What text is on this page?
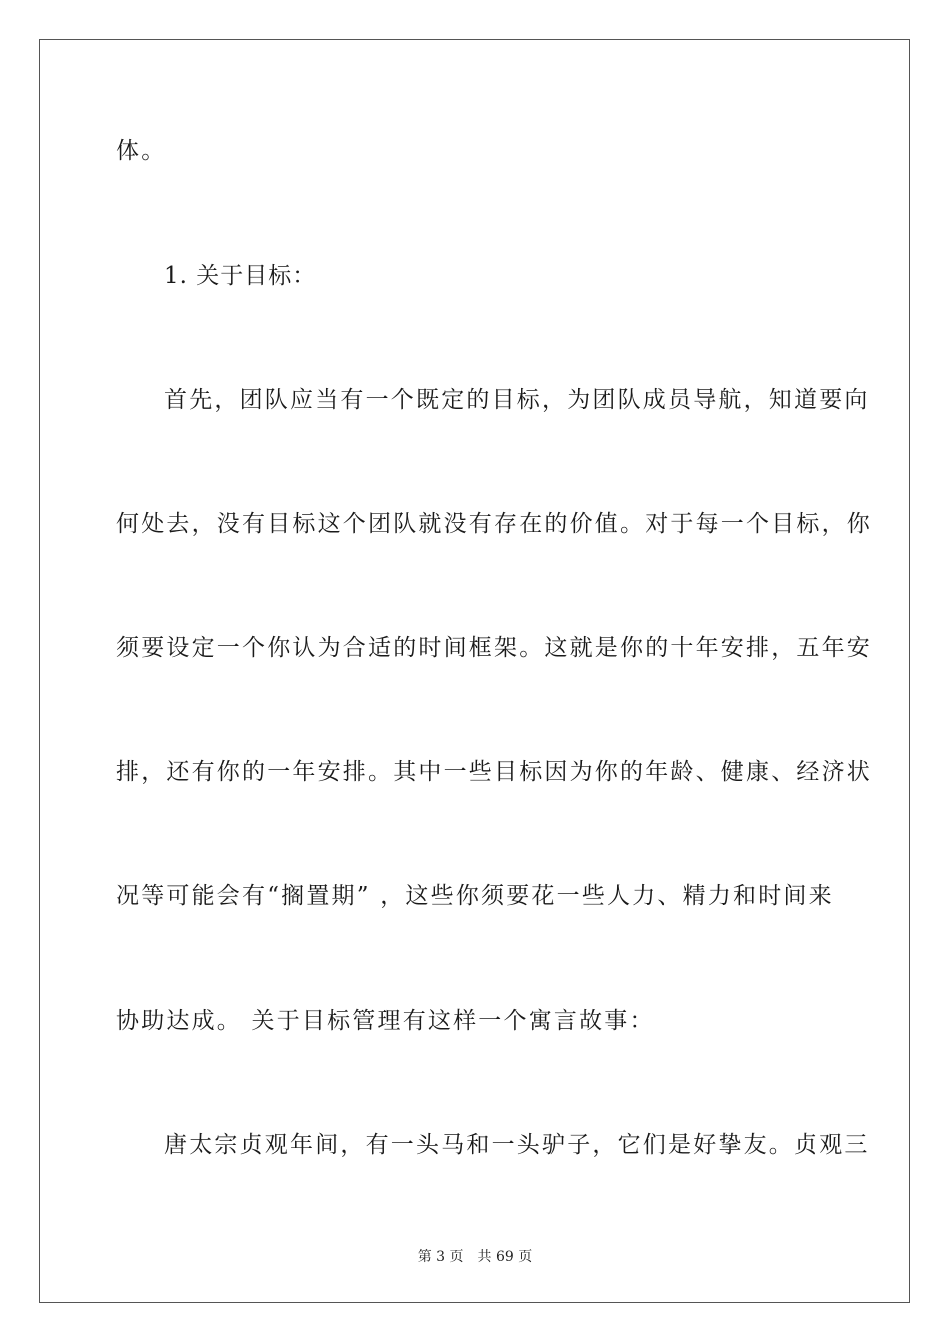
体。
1. 关于目标：
首先，团队应当有一个既定的目标，为团队成员导航，知道要向
何处去，没有目标这个团队就没有存在的价值。对于每一个目标，你
须要设定一个你认为合适的时间框架。这就是你的十年安排，五年安
排，还有你的一年安排。其中一些目标因为你的年龄、健康、经济状
况等可能会有“搁置期” ，这些你须要花一些人力、精力和时间来
协助达成。 关于目标管理有这样一个寓言故事：
唐太宗贞观年间，有一头马和一头驴子，它们是好挚友。贞观三
第 3 页 共 69 页
